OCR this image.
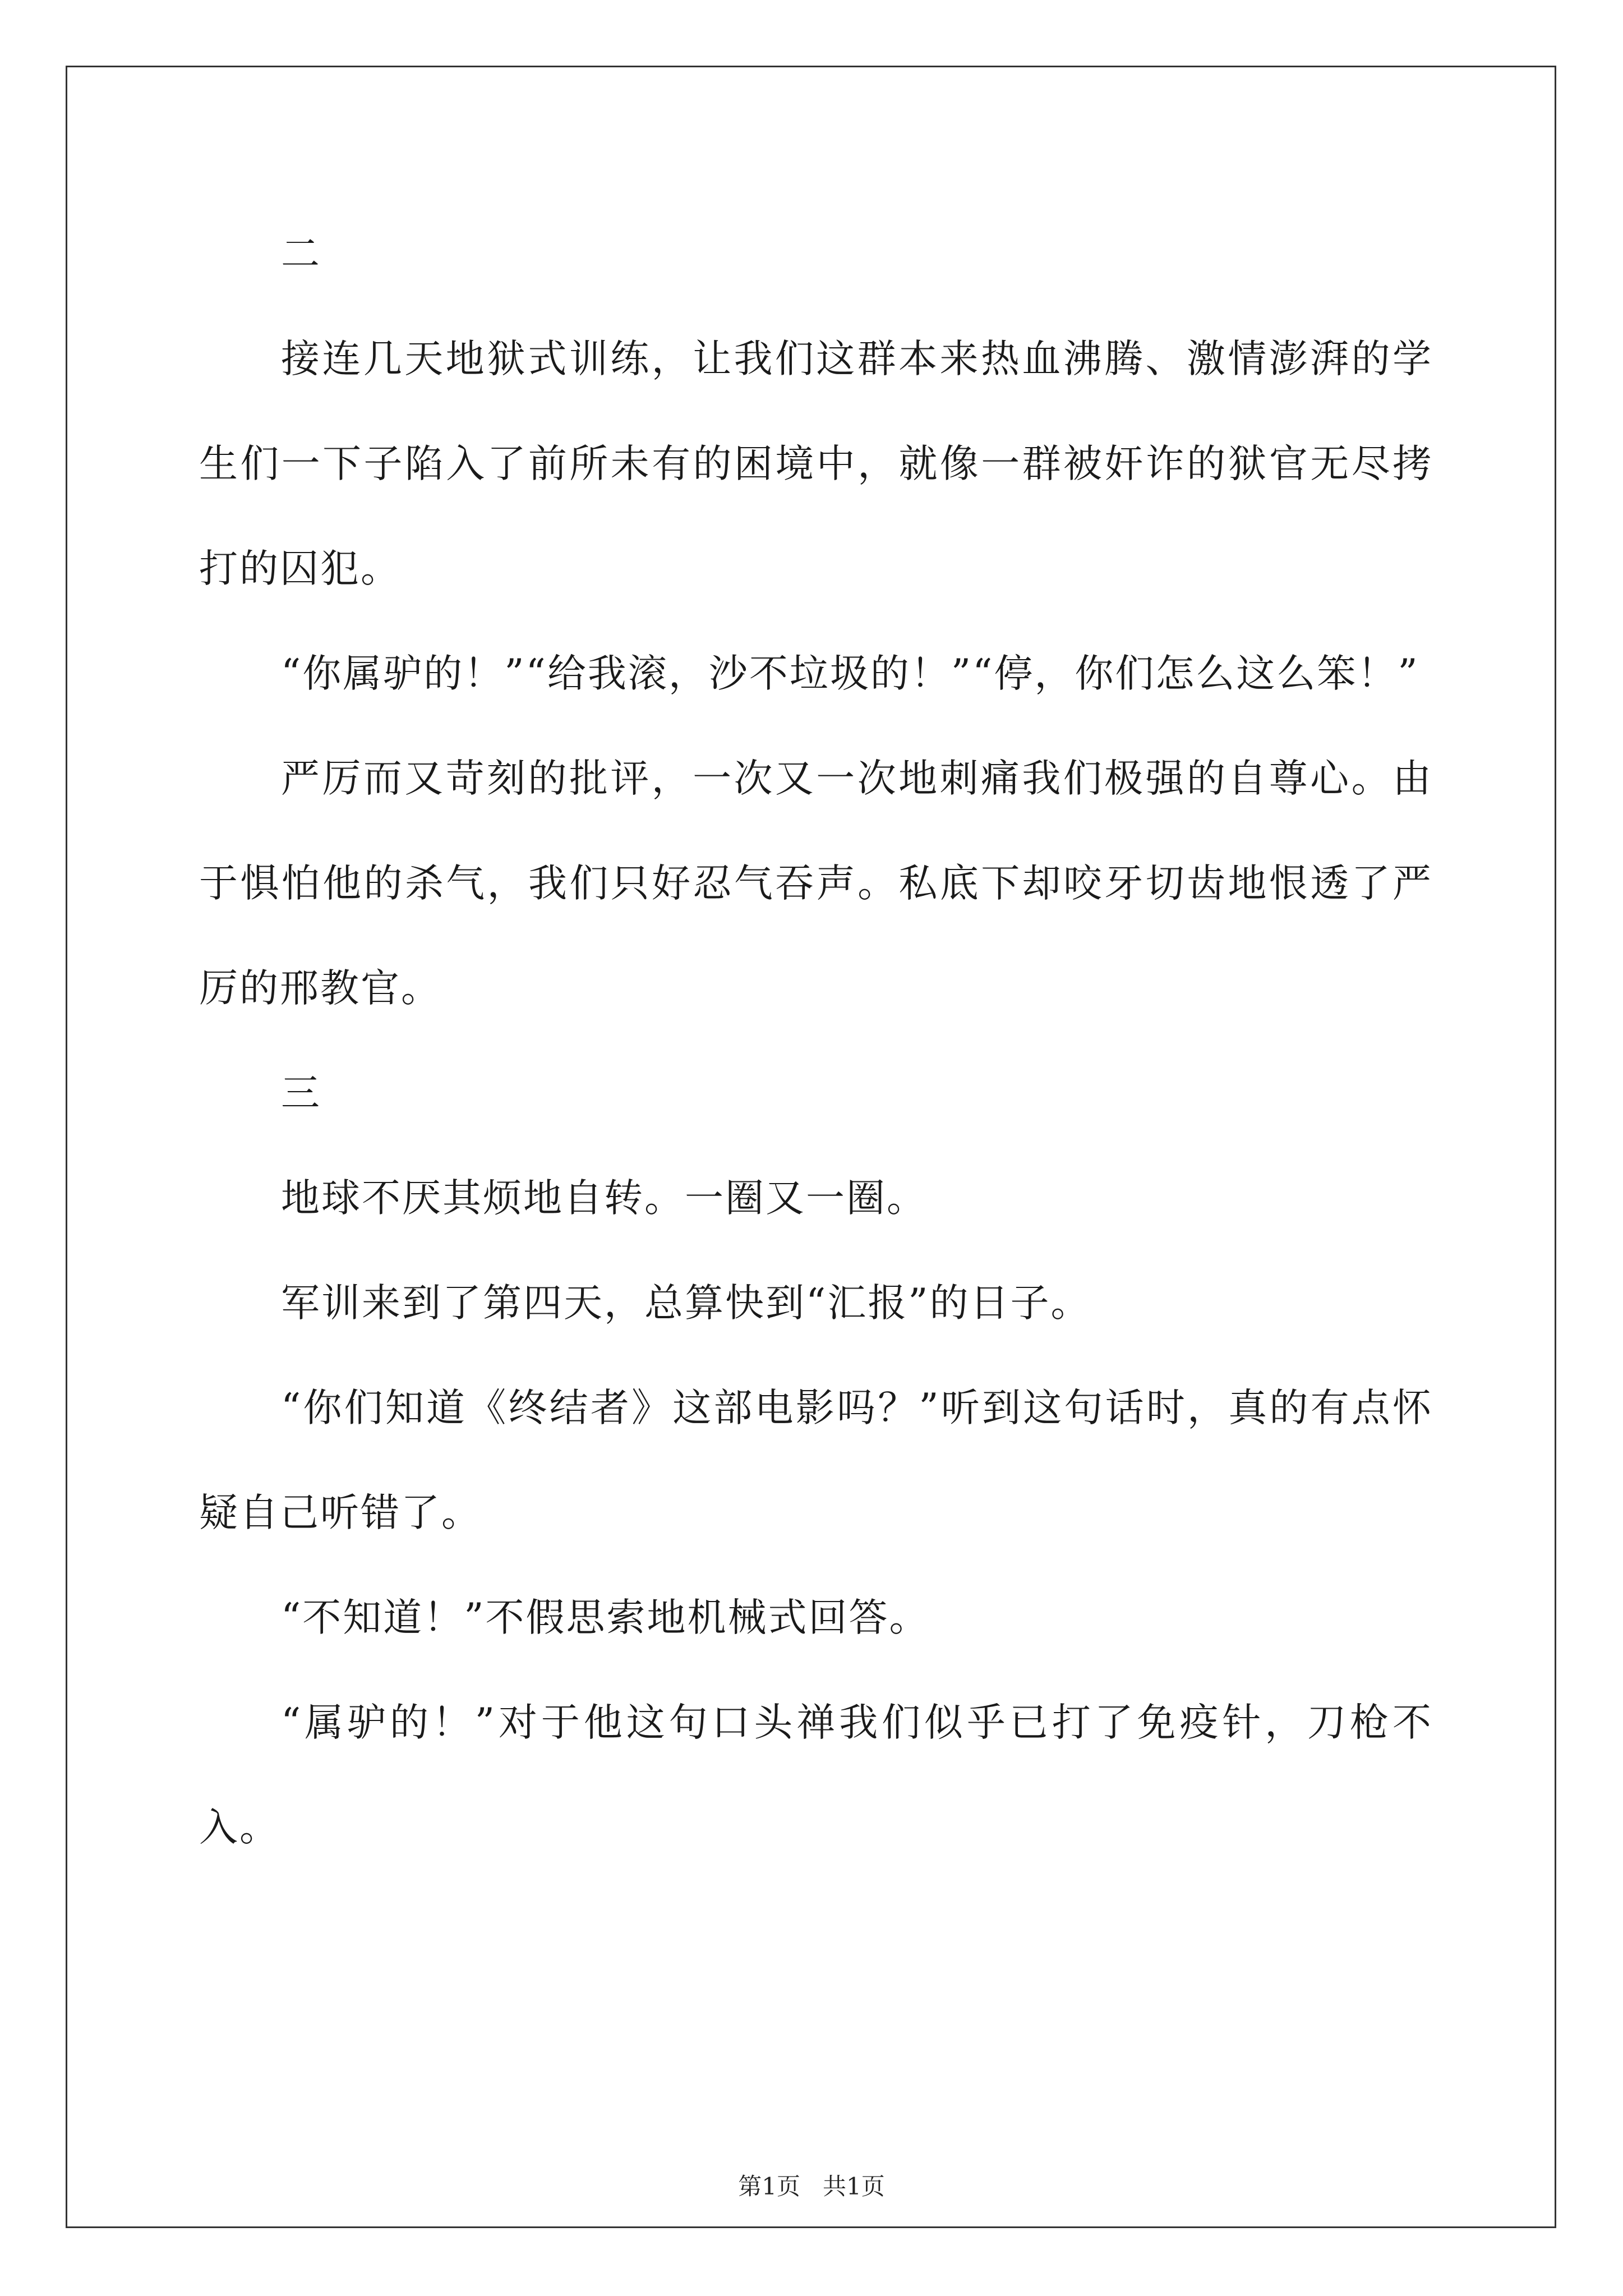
二

接连几天地狱式训练，让我们这群本来热血沸腾、激情澎湃的学生们一下子陷入了前所未有的困境中，就像一群被奸诈的狱官无尽拷打的囚犯。

“你属驴的！”“给我滚，沙不垃圾的！”“停，你们怎么这么笨！”

严厉而又苛刻的批评，一次又一次地刺痛我们极强的自尊心。由于惧怕他的杀气，我们只好忍气吞声。私底下却咬牙切齿地恨透了严厉的邢教官。

三

地球不厌其烦地自转。一圈又一圈。

军训来到了第四天，总算快到“汇报”的日子。

“你们知道《终结者》这部电影吗？”听到这句话时，真的有点怀疑自己听错了。

“不知道！”不假思索地机械式回答。

“属驴的！”对于他这句口头禅我们似乎已打了免疫针，刀枪不入。

第1页 共1页
